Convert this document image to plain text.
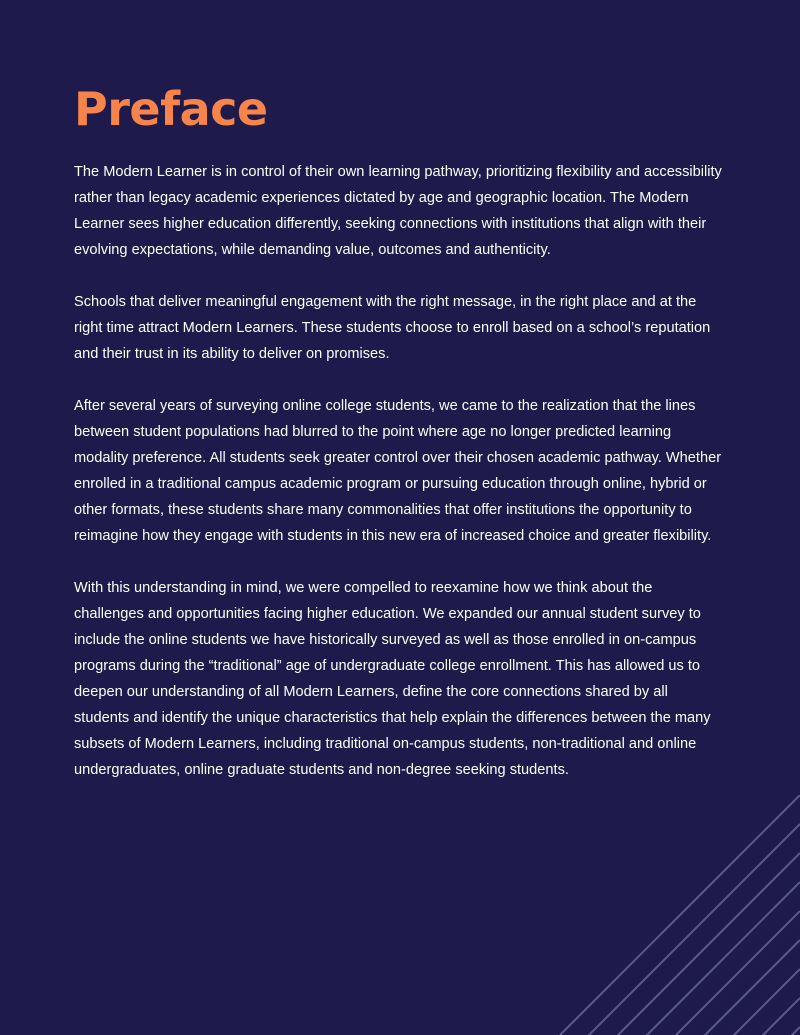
Preface

The Modern Learner is in control of their own learning pathway, prioritizing flexibility and accessibility rather than legacy academic experiences dictated by age and geographic location. The Modern Learner sees higher education differently, seeking connections with institutions that align with their evolving expectations, while demanding value, outcomes and authenticity.

Schools that deliver meaningful engagement with the right message, in the right place and at the right time attract Modern Learners. These students choose to enroll based on a school’s reputation and their trust in its ability to deliver on promises.

After several years of surveying online college students, we came to the realization that the lines between student populations had blurred to the point where age no longer predicted learning modality preference. All students seek greater control over their chosen academic pathway. Whether enrolled in a traditional campus academic program or pursuing education through online, hybrid or other formats, these students share many commonalities that offer institutions the opportunity to reimagine how they engage with students in this new era of increased choice and greater flexibility.

With this understanding in mind, we were compelled to reexamine how we think about the challenges and opportunities facing higher education. We expanded our annual student survey to include the online students we have historically surveyed as well as those enrolled in on-campus programs during the “traditional” age of undergraduate college enrollment. This has allowed us to deepen our understanding of all Modern Learners, define the core connections shared by all students and identify the unique characteristics that help explain the differences between the many subsets of Modern Learners, including traditional on-campus students, non-traditional and online undergraduates, online graduate students and non-degree seeking students.
